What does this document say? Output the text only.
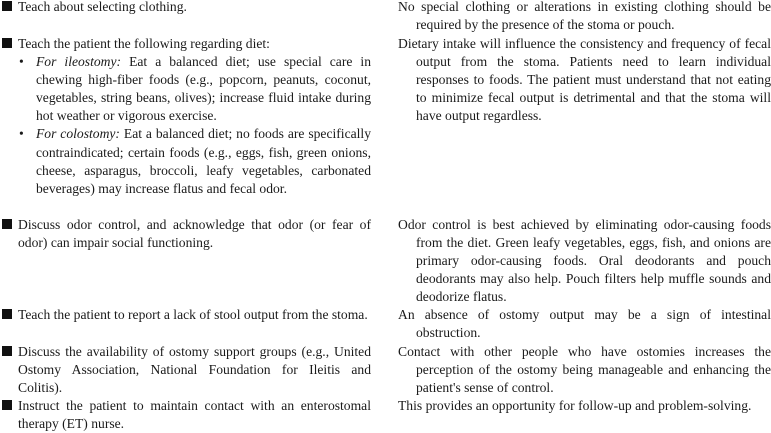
Teach about selecting clothing.	No special clothing or alterations in existing clothing should be required by the presence of the stoma or pouch.
Teach the patient the following regarding diet:
• For ileostomy: Eat a balanced diet; use special care in chewing high-fiber foods (e.g., popcorn, peanuts, coconut, vegetables, string beans, olives); increase fluid intake during hot weather or vigorous exercise.
• For colostomy: Eat a balanced diet; no foods are specifically contraindicated; certain foods (e.g., eggs, fish, green onions, cheese, asparagus, broccoli, leafy vegetables, carbonated beverages) may increase flatus and fecal odor.
Dietary intake will influence the consistency and frequency of fecal output from the stoma. Patients need to learn individual responses to foods. The patient must understand that not eating to minimize fecal output is detrimental and that the stoma will have output regardless.
Discuss odor control, and acknowledge that odor (or fear of odor) can impair social functioning.
Odor control is best achieved by eliminating odor-causing foods from the diet. Green leafy vegetables, eggs, fish, and onions are primary odor-causing foods. Oral deodorants and pouch deodorants may also help. Pouch filters help muffle sounds and deodorize flatus.
Teach the patient to report a lack of stool output from the stoma. An absence of ostomy output may be a sign of intestinal obstruction.
Discuss the availability of ostomy support groups (e.g., United Ostomy Association, National Foundation for Ileitis and Colitis).
Contact with other people who have ostomies increases the perception of the ostomy being manageable and enhancing the patient's sense of control.
Instruct the patient to maintain contact with an enterostomal therapy (ET) nurse.
This provides an opportunity for follow-up and problem-solving.
